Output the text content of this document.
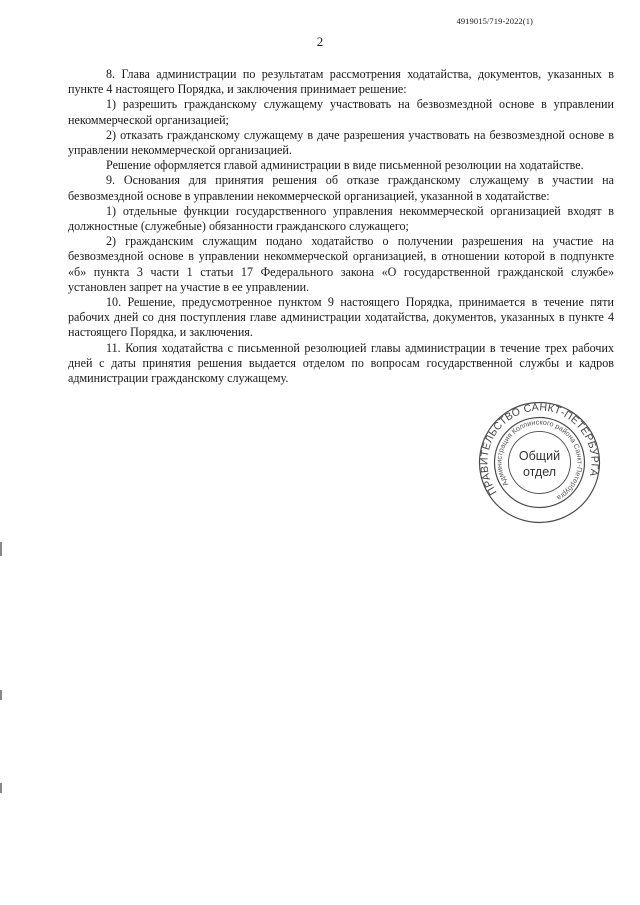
4919015/719-2022(1)
2

8. Глава администрации по результатам рассмотрения ходатайства, документов, указанных в пункте 4 настоящего Порядка, и заключения принимает решение:

1) разрешить гражданскому служащему участвовать на безвозмездной основе в управлении некоммерческой организацией;

2) отказать гражданскому служащему в даче разрешения участвовать на безвозмездной основе в управлении некоммерческой организацией.

Решение оформляется главой администрации в виде письменной резолюции на ходатайстве.

9. Основания для принятия решения об отказе гражданскому служащему в участии на безвозмездной основе в управлении некоммерческой организацией, указанной в ходатайстве:

1) отдельные функции государственного управления некоммерческой организацией входят в должностные (служебные) обязанности гражданского служащего;

2) гражданским служащим подано ходатайство о получении разрешения на участие на безвозмездной основе в управлении некоммерческой организацией, в отношении которой в подпункте «б» пункта 3 части 1 статьи 17 Федерального закона «О государственной гражданской службе» установлен запрет на участие в ее управлении.

10. Решение, предусмотренное пунктом 9 настоящего Порядка, принимается в течение пяти рабочих дней со дня поступления главе администрации ходатайства, документов, указанных в пункте 4 настоящего Порядка, и заключения.

11. Копия ходатайства с письменной резолюцией главы администрации в течение трех рабочих дней с даты принятия решения выдается отделом по вопросам государственной службы и кадров администрации гражданскому служащему.

ПРАВИТЕЛЬСТВО САНКТ-ПЕТЕРБУРГА
Администрация Колпинского района Санкт-Петербурга
Общий
отдел
